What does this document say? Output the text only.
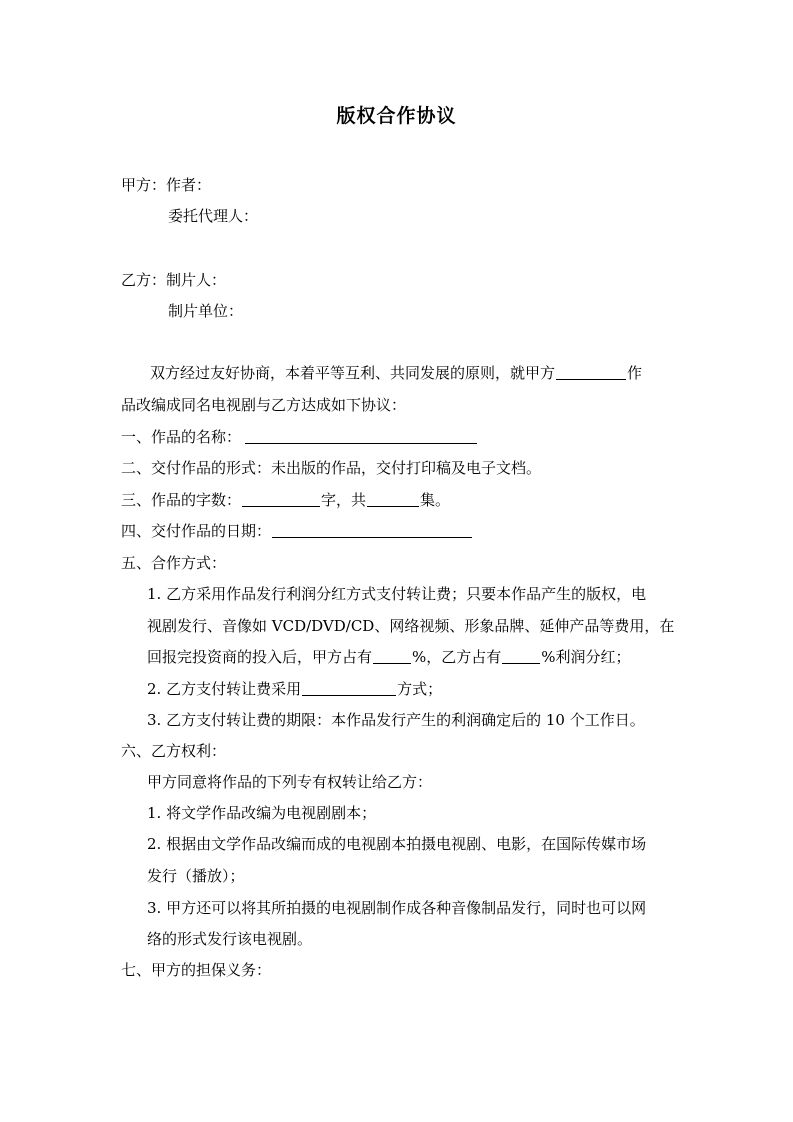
版权合作协议
甲方：作者：
委托代理人：
乙方：制片人：
制片单位：
双方经过友好协商，本着平等互利、共同发展的原则，就甲方	作
品改编成同名电视剧与乙方达成如下协议：
一、作品的名称：
二、交付作品的形式：未出版的作品，交付打印稿及电子文档。
三、作品的字数：	字，共	集。
四、交付作品的日期：
五、合作方式：
1. 乙方采用作品发行利润分红方式支付转让费；只要本作品产生的版权，电
视剧发行、音像如 VCD/DVD/CD、网络视频、形象品牌、延伸产品等费用，在
回报完投资商的投入后，甲方占有	%，乙方占有	%利润分红；
2. 乙方支付转让费采用	方式；
3. 乙方支付转让费的期限：本作品发行产生的利润确定后的 10 个工作日。
六、乙方权利：
甲方同意将作品的下列专有权转让给乙方：
1. 将文学作品改编为电视剧剧本；
2. 根据由文学作品改编而成的电视剧本拍摄电视剧、电影，在国际传媒市场
发行（播放）；
3. 甲方还可以将其所拍摄的电视剧制作成各种音像制品发行，同时也可以网
络的形式发行该电视剧。
七、甲方的担保义务：
